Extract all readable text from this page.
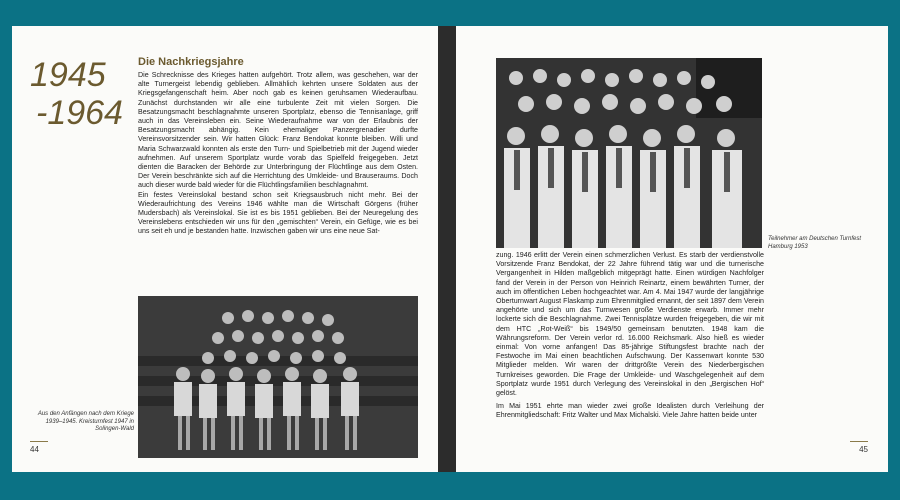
1945
-1964
Die Nachkriegsjahre

Die Schrecknisse des Krieges hatten aufgehört. Trotz allem, was geschehen, war der alte Turnergeist lebendig geblieben. Allmählich kehrten unsere Soldaten aus der Kriegsgefangenschaft heim. Aber noch gab es keinen geruhsamen Wiederaufbau. Zunächst durchstanden wir alle eine turbulente Zeit mit vielen Sorgen. Die Besatzungsmacht beschlagnahmte unseren Sportplatz, ebenso die Tennisanlage, griff auch in das Vereinsleben ein. Seine Wiederaufnahme war von der Erlaubnis der Besatzungsmacht abhängig. Kein ehemaliger Panzergrenadier durfte Vereinsvorsitzender sein. Wir hatten Glück: Franz Bendokat konnte bleiben. Willi und Maria Schwarzwald konnten als erste den Turn- und Spielbetrieb mit der Jugend wieder aufnehmen. Auf unserem Sportplatz wurde vorab das Spielfeld freigegeben. Jetzt dienten die Baracken der Behörde zur Unterbringung der Flüchtlinge aus dem Osten. Der Verein beschränkte sich auf die Herrichtung des Umkleide- und Brauseraums. Doch auch dieser wurde bald wieder für die Flüchtlingsfamilien beschlagnahmt.

Ein festes Vereinslokal bestand schon seit Kriegsausbruch nicht mehr. Bei der Wiederaufrichtung des Vereins 1946 wählte man die Wirtschaft Görgens (früher Mudersbach) als Vereinslokal. Sie ist es bis 1951 geblieben. Bei der Neuregelung des Vereinslebens entschieden wir uns für den „gemischten“ Verein, ein Gefüge, wie es bei uns seit eh und je bestanden hatte. Inzwischen gaben wir uns eine neue Sat-

Aus den Anfängen nach dem Kriege 1939–1945. Kreisturnfest 1947 in Solingen-Wald
44
Teilnehmer am Deutschen Turnfest Hamburg 1953

zung. 1946 erlitt der Verein einen schmerzlichen Verlust. Es starb der verdienstvolle Vorsitzende Franz Bendokat, der 22 Jahre führend tätig war und die turnerische Vergangenheit in Hilden maßgeblich mitgeprägt hatte. Einen würdigen Nachfolger fand der Verein in der Person von Heinrich Reinartz, einem bewährten Turner, der auch im öffentlichen Leben hochgeachtet war. Am 4. Mai 1947 wurde der langjährige Oberturnwart August Flaskamp zum Ehrenmitglied ernannt, der seit 1897 dem Verein angehörte und sich um das Turnwesen große Verdienste erwarb. Immer mehr lockerte sich die Beschlagnahme. Zwei Tennisplätze wurden freigegeben, die wir mit dem HTC „Rot-Weiß“ bis 1949/50 gemeinsam benutzten. 1948 kam die Währungsreform. Der Verein verlor rd. 16.000 Reichsmark. Also hieß es wieder einmal: Von vorne anfangen! Das 85-jährige Stiftungsfest brachte nach der Festwoche im Mai einen beachtlichen Aufschwung. Der Kassenwart konnte 530 Mitglieder melden. Wir waren der drittgrößte Verein des Niederbergischen Turnkreises geworden. Die Frage der Umkleide- und Waschgelegenheit auf dem Sportplatz wurde 1951 durch Verlegung des Vereinslokal in den „Bergischen Hof“ gelöst.

Im Mai 1951 ehrte man wieder zwei große Idealisten durch Verleihung der Ehrenmitgliedschaft: Fritz Walter und Max Michalski. Viele Jahre hatten beide unter

45
